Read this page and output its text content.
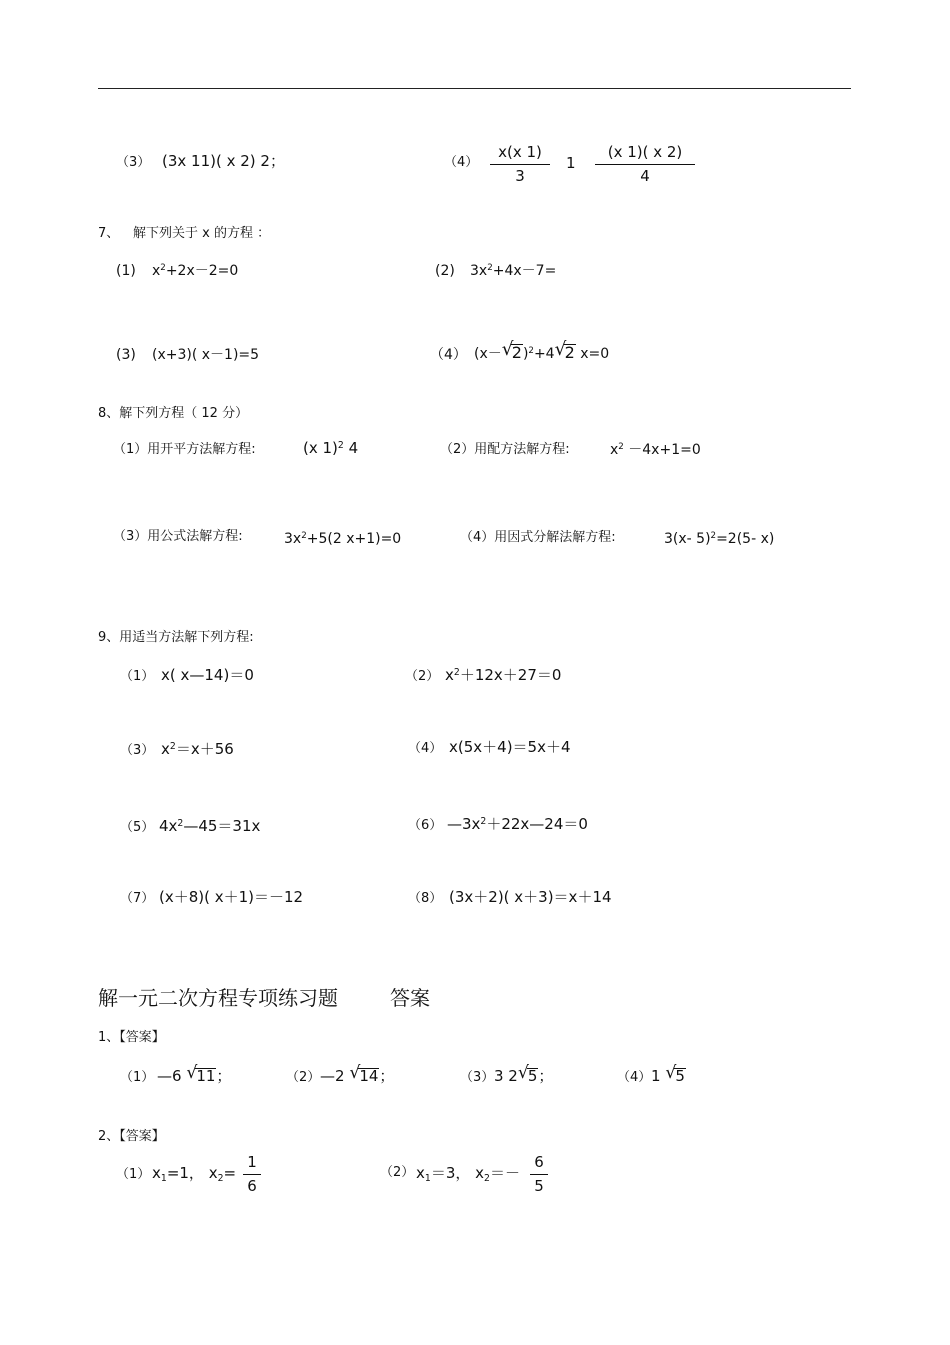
（3） (3x 11)( x 2) 2；	（4）
x(x 1)
3
1
(x 1)( x 2)
4
7、 解下列关于 x 的方程 ：
(1) $x^2+2x-2=0$	(2) $3x^2+4x-7=$
(3) (x+3)( x－1)=5	（4） (x－ √
2)$^2$+4 √
2 x=0
8、解下列方程（ 12 分）
（1）用开平方法解方程:	(x 1)$^2$ 4	（2）用配方法解方程:	$x^2 -4x+1=0$
（3）用公式法解方程:	$3x^2+5(2$ x+1)=0	（4）用因式分解法解方程:	3(x- 5)$^2$=2(5- x)
9、用适当方法解下列方程:
（1） x( x—14)＝0	（2） $x^2+12x+27=0$
（3） $x^2=x+56$	（4） x(5x＋4)＝5x＋4
（5） $4x^2—45=31x$	（6） $—3x^2+22x—24=0$
（7） (x＋8)( x＋1)＝－12	（8） (3x＋2)( x＋3)＝x＋14
解一元二次方程专项练习题	答案
1、【答案】
（1） —6 √ 11；	（2） —2 √ 14；	（3） 3 2 √ 5；	（4） 1 √ 5
2、【答案】
（1） $x_1=1$， $x_2=$
1
6
（2） $x_1=3$， $x_2=-$
6
5
